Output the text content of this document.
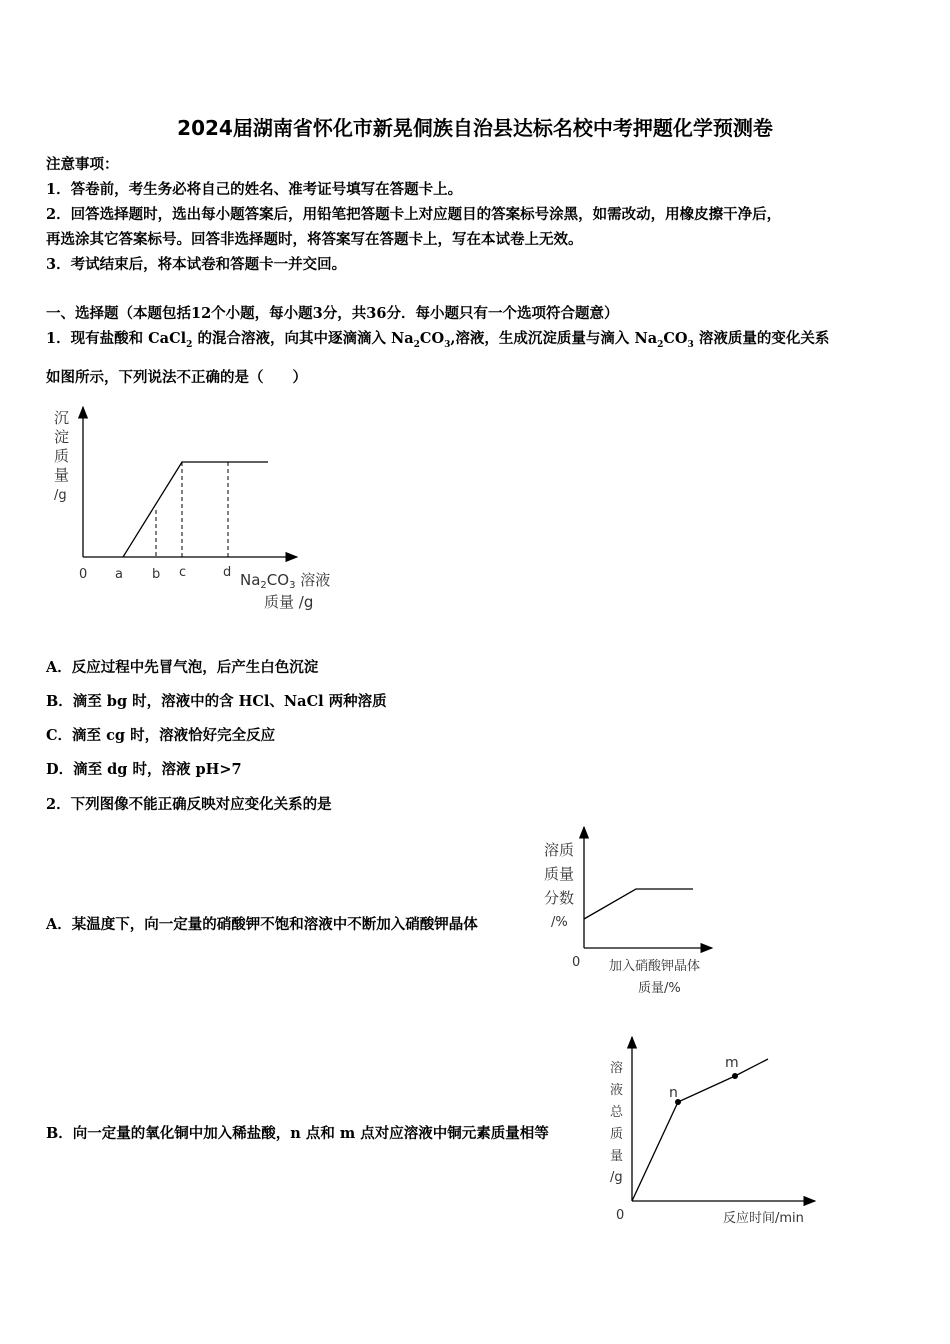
2024届湖南省怀化市新晃侗族自治县达标名校中考押题化学预测卷
注意事项：
1．答卷前，考生务必将自己的姓名、准考证号填写在答题卡上。
2．回答选择题时，选出每小题答案后，用铅笔把答题卡上对应题目的答案标号涂黑，如需改动，用橡皮擦干净后，
再选涂其它答案标号。回答非选择题时，将答案写在答题卡上，写在本试卷上无效。
3．考试结束后，将本试卷和答题卡一并交回。
一、选择题（本题包括12个小题，每小题3分，共36分．每小题只有一个选项符合题意）
1．现有盐酸和 CaCl$_2$ 的混合溶液，向其中逐滴滴入 $Na_2CO_3$,溶液，生成沉淀质量与滴入 $Na_2CO_3$ 溶液质量的变化关系
如图所示，下列说法不正确的是（　　）
沉
淀
质
量
/g
0 a b c	d $Na_2CO_3$ 溶液
质量 /g
A．反应过程中先冒气泡，后产生白色沉淀
B．滴至 bg 时，溶液中的含 HCl、NaCl 两种溶质
C．滴至 cg 时，溶液恰好完全反应
D．滴至 dg 时，溶液 pH>7
2．下列图像不能正确反映对应变化关系的是
A．某温度下，向一定量的硝酸钾不饱和溶液中不断加入硝酸钾晶体
溶质
质量
分数
/%
0 加入硝酸钾晶体
质量/%
B．向一定量的氧化铜中加入稀盐酸，n 点和 m 点对应溶液中铜元素质量相等
n
m
溶
液
总
质
量
/g
0	反应时间/min
